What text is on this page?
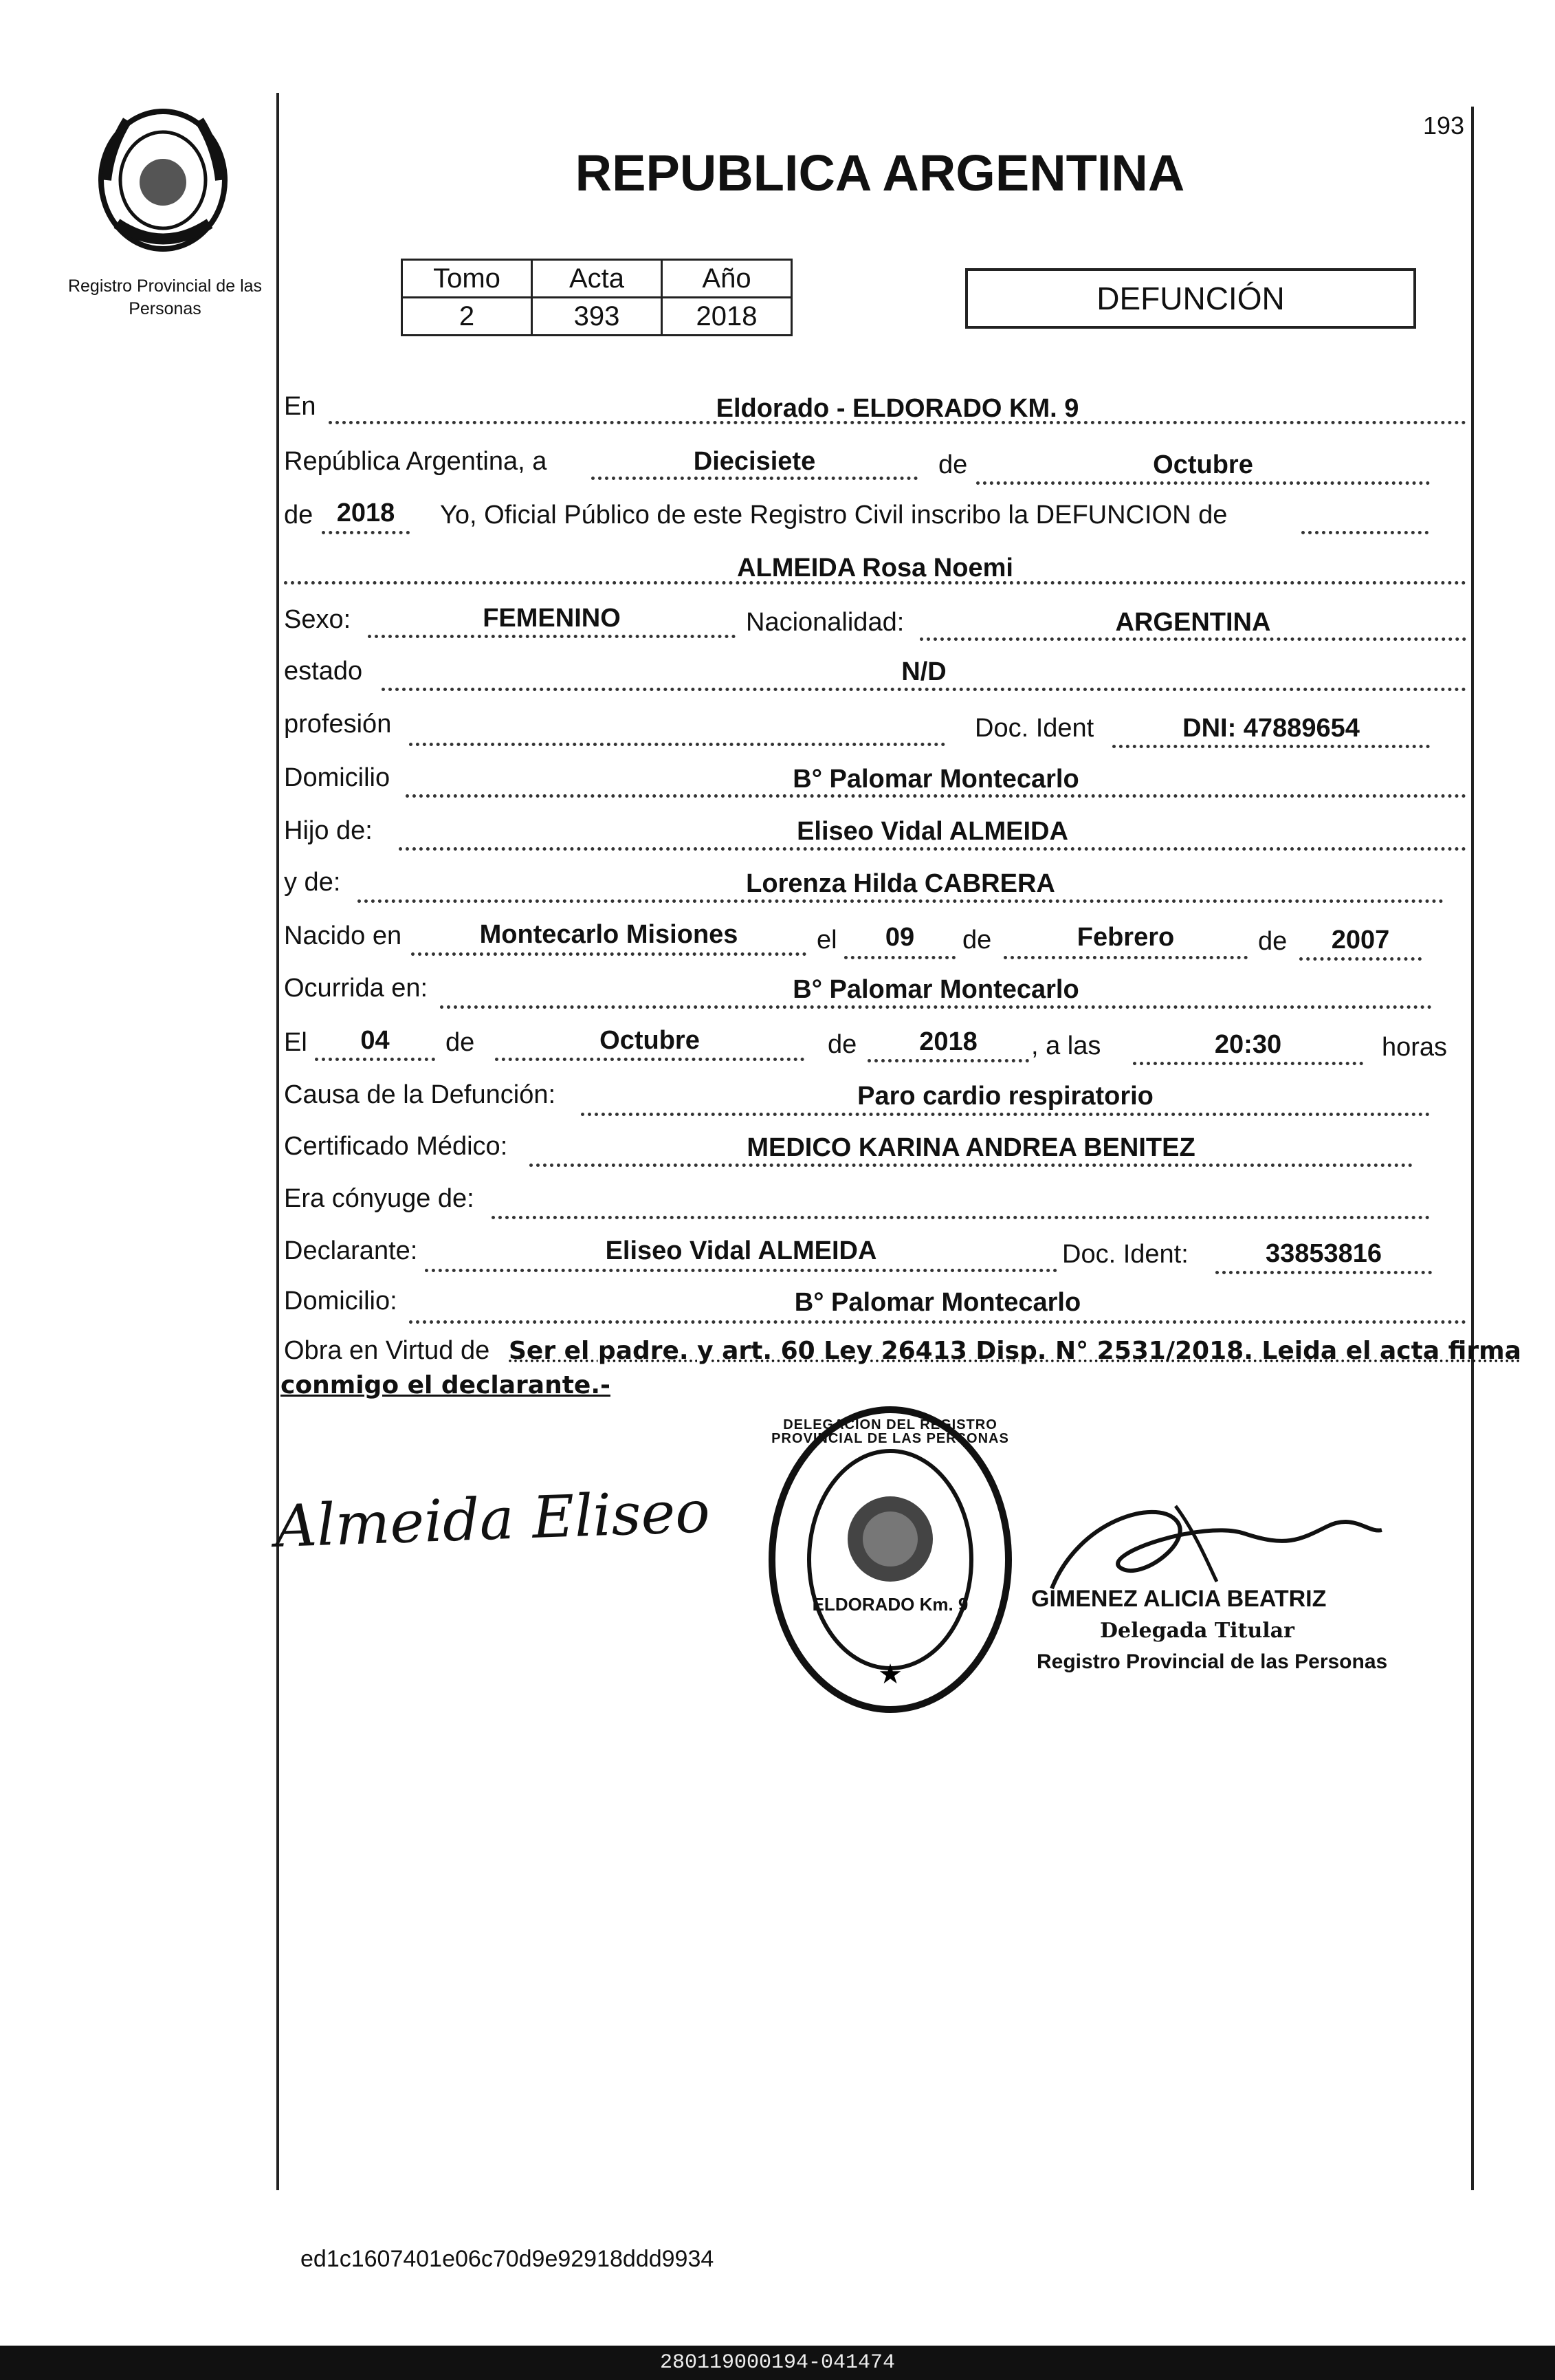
193
Registro Provincial de las Personas
REPUBLICA ARGENTINA
Tomo	Acta	Año
2	393	2018	DEFUNCIÓN
En	Eldorado - ELDORADO KM. 9
República Argentina, a	Diecisiete	de	Octubre
de 2018	Yo, Oficial Público de este Registro Civil inscribo la DEFUNCION de
ALMEIDA Rosa Noemi
Sexo:	FEMENINO	Nacionalidad:	ARGENTINA
estado	N/D
profesión	Doc. Ident	DNI: 47889654
Domicilio	B° Palomar Montecarlo
Hijo de:	Eliseo Vidal ALMEIDA
y de:	Lorenza Hilda CABRERA
Nacido en	Montecarlo Misiones	el	09	de	Febrero	de	2007
Ocurrida en:	B° Palomar Montecarlo
El	04	de	Octubre	de	2018	, a las	20:30	horas
Causa de la Defunción:	Paro cardio respiratorio
Certificado Médico:	MEDICO KARINA ANDREA BENITEZ
Era cónyuge de:
Declarante:	Eliseo Vidal ALMEIDA	Doc. Ident:	33853816
Domicilio:	B° Palomar Montecarlo
Obra en Virtud de Ser el padre. y art. 60 Ley 26413 Disp. N° 2531/2018. Leida el acta firma
conmigo el declarante.-
Almeida Eliseo
★
DELEGACION DEL REGISTRO PROVINCIAL DE LAS PERSONAS
ELDORADO Km. 9	GIMENEZ ALICIA BEATRIZ
Delegada Titular
Registro Provincial de las Personas
ed1c1607401e06c70d9e92918ddd9934
280119000194-041474
